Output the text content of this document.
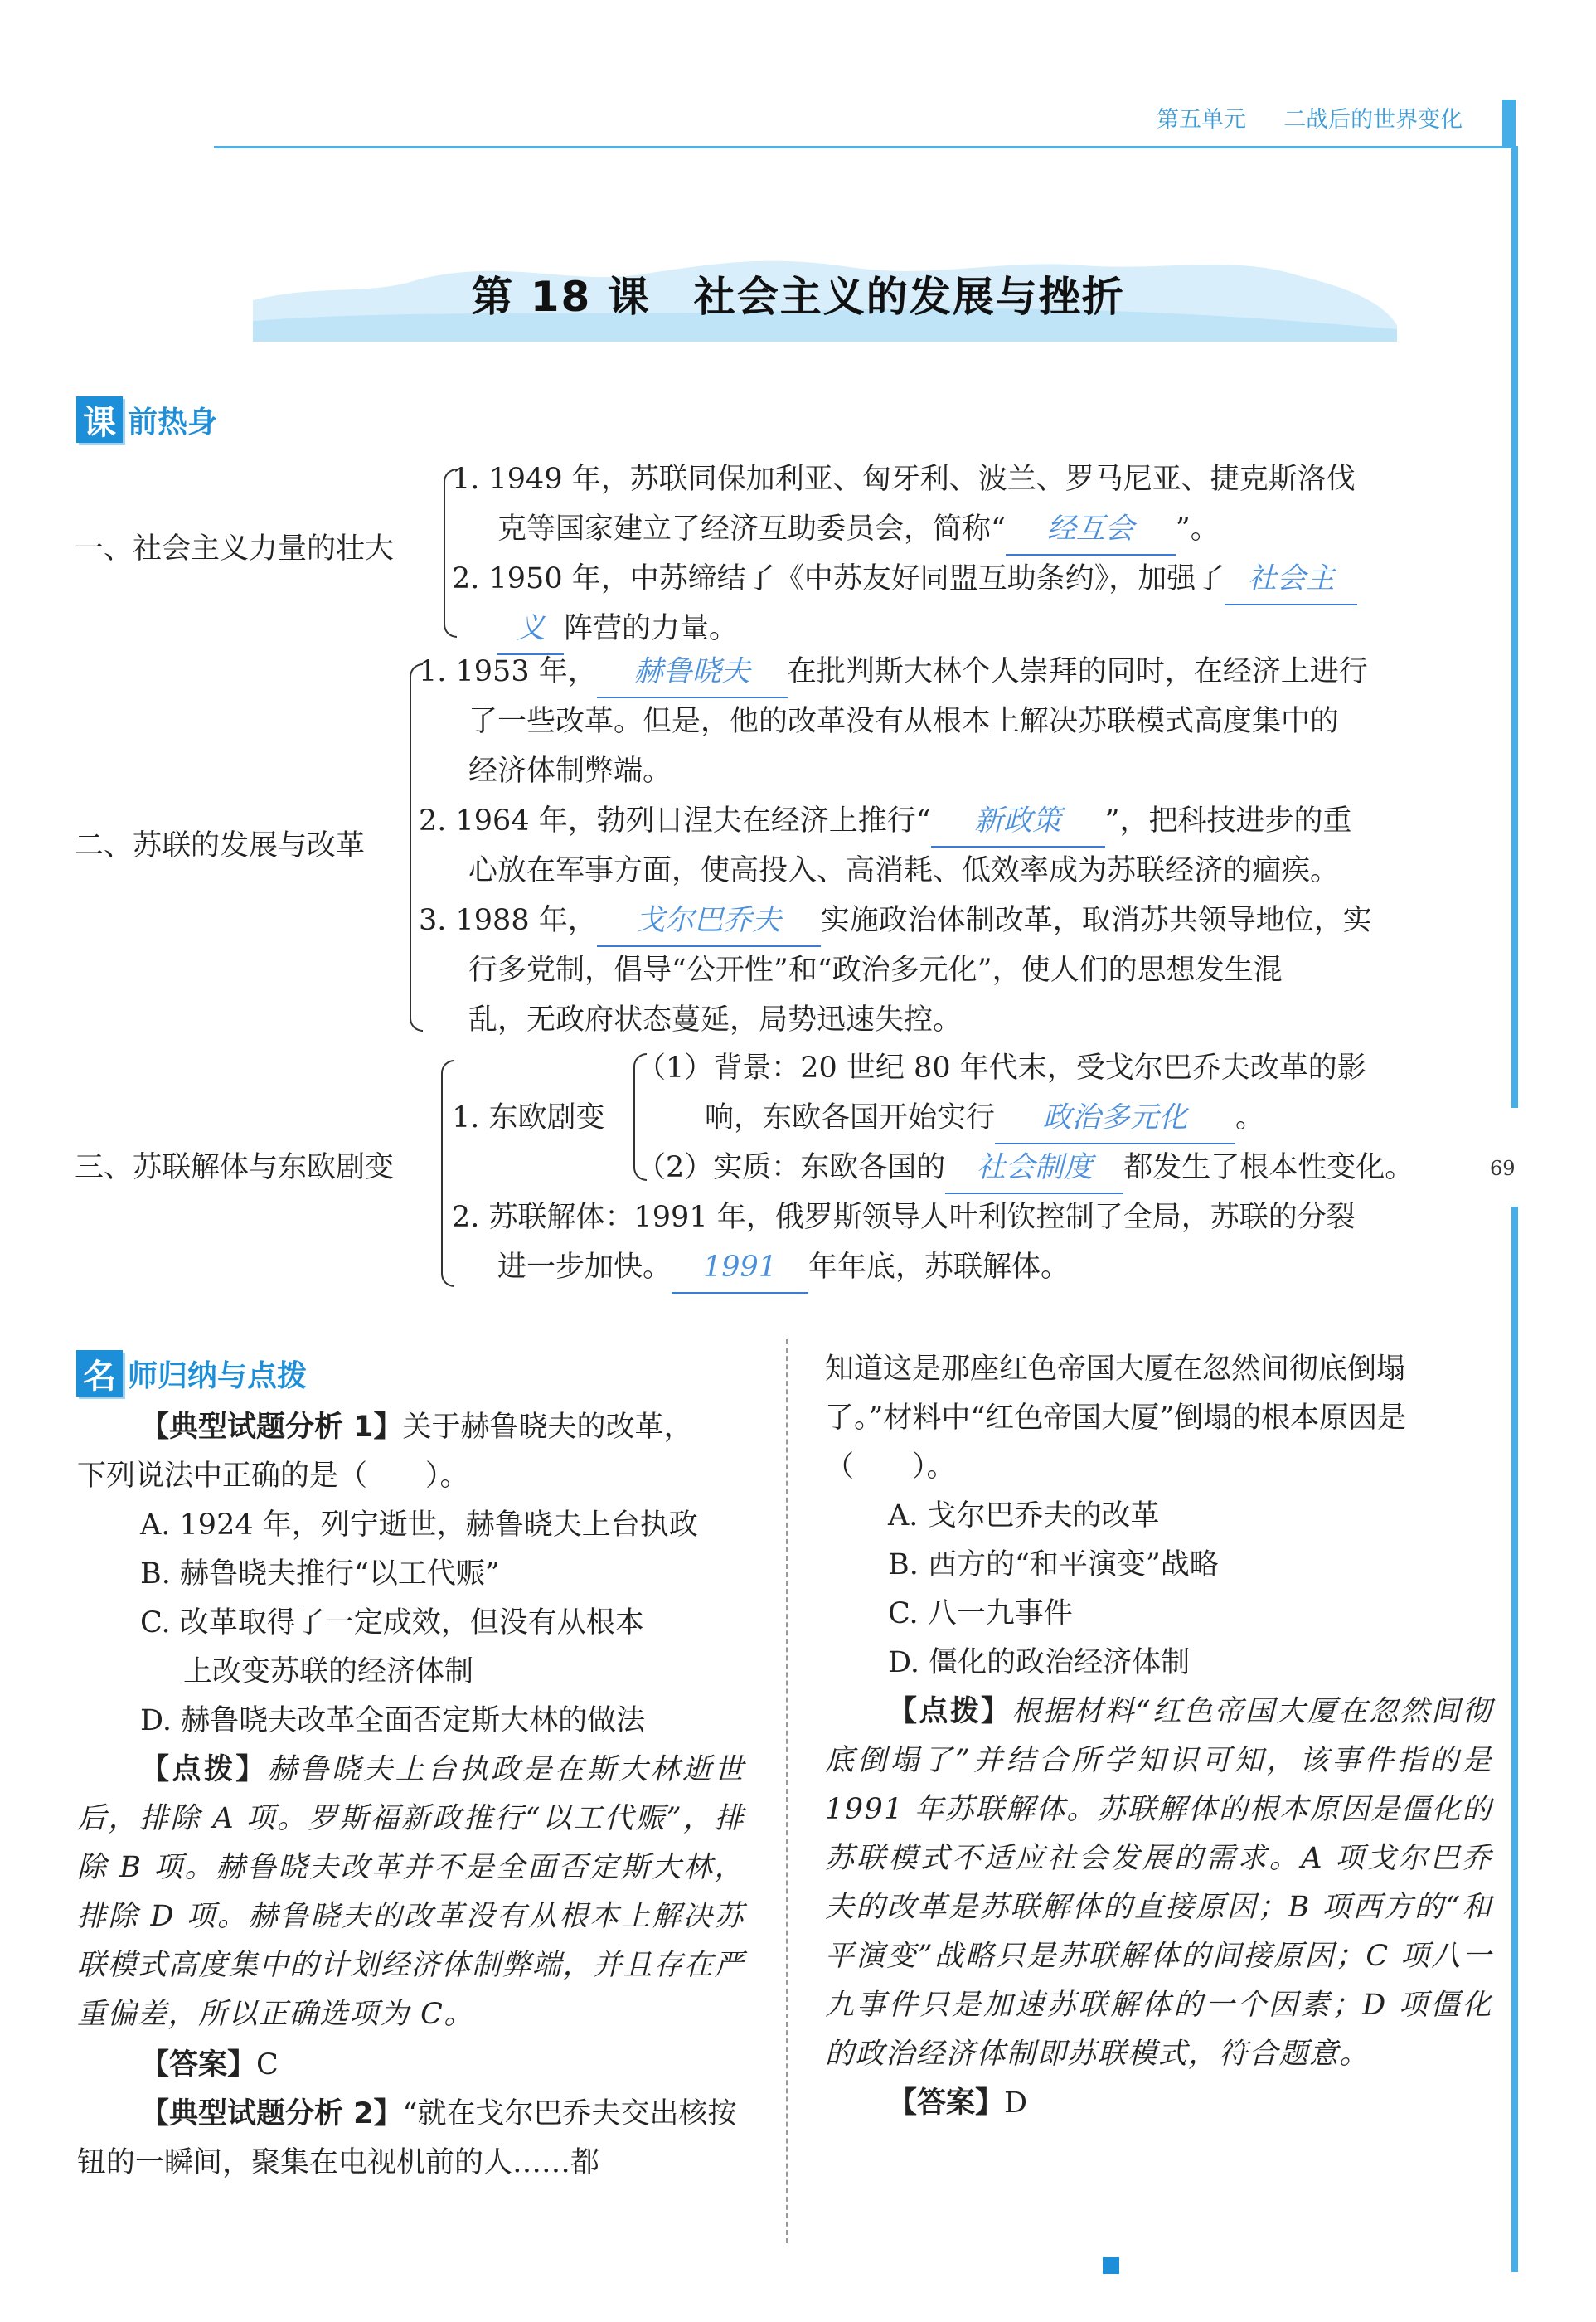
第五单元 二战后的世界变化
69
第 18 课　社会主义的发展与挫折
课 前热身
一、社会主义力量的壮大
1. 1949 年，苏联同保加利亚、匈牙利、波兰、罗马尼亚、捷克斯洛伐
克等国家建立了经济互助委员会，简称“ 经互会 ”。
2. 1950 年，中苏缔结了《中苏友好同盟互助条约》，加强了 社会主
义 阵营的力量。
二、苏联的发展与改革
1. 1953 年， 赫鲁晓夫 在批判斯大林个人崇拜的同时，在经济上进行
了一些改革。但是，他的改革没有从根本上解决苏联模式高度集中的
经济体制弊端。
2. 1964 年，勃列日涅夫在经济上推行“ 新政策 ”，把科技进步的重
心放在军事方面，使高投入、高消耗、低效率成为苏联经济的痼疾。
3. 1988 年， 戈尔巴乔夫 实施政治体制改革，取消苏共领导地位，实
行多党制，倡导“公开性”和“政治多元化”，使人们的思想发生混
乱，无政府状态蔓延，局势迅速失控。
三、苏联解体与东欧剧变
1. 东欧剧变
（1）背景：20 世纪 80 年代末，受戈尔巴乔夫改革的影
响，东欧各国开始实行 政治多元化 。
（2）实质：东欧各国的 社会制度 都发生了根本性变化。
2. 苏联解体：1991 年，俄罗斯领导人叶利钦控制了全局，苏联的分裂
进一步加快。 1991 年年底，苏联解体。
名 师归纳与点拨

【典型试题分析 1】关于赫鲁晓夫的改革，

下列说法中正确的是（　　）。

A. 1924 年，列宁逝世，赫鲁晓夫上台执政

B. 赫鲁晓夫推行“以工代赈”

C. 改革取得了一定成效，但没有从根本

上改变苏联的经济体制

D. 赫鲁晓夫改革全面否定斯大林的做法

【点拨】赫鲁晓夫上台执政是在斯大林逝世后，排除 A 项。罗斯福新政推行“以工代赈”，排除 B 项。赫鲁晓夫改革并不是全面否定斯大林，排除 D 项。赫鲁晓夫的改革没有从根本上解决苏联模式高度集中的计划经济体制弊端，并且存在严重偏差，所以正确选项为 C。

【答案】C

【典型试题分析 2】“就在戈尔巴乔夫交出核按钮的一瞬间，聚集在电视机前的人……都

知道这是那座红色帝国大厦在忽然间彻底倒塌了。”材料中“红色帝国大厦”倒塌的根本原因是（　　）。

A. 戈尔巴乔夫的改革

B. 西方的“和平演变”战略

C. 八一九事件

D. 僵化的政治经济体制

【点拨】根据材料“红色帝国大厦在忽然间彻底倒塌了”并结合所学知识可知，该事件指的是 1991 年苏联解体。苏联解体的根本原因是僵化的苏联模式不适应社会发展的需求。A 项戈尔巴乔夫的改革是苏联解体的直接原因；B 项西方的“和平演变”战略只是苏联解体的间接原因；C 项八一九事件只是加速苏联解体的一个因素；D 项僵化的政治经济体制即苏联模式，符合题意。

【答案】D
